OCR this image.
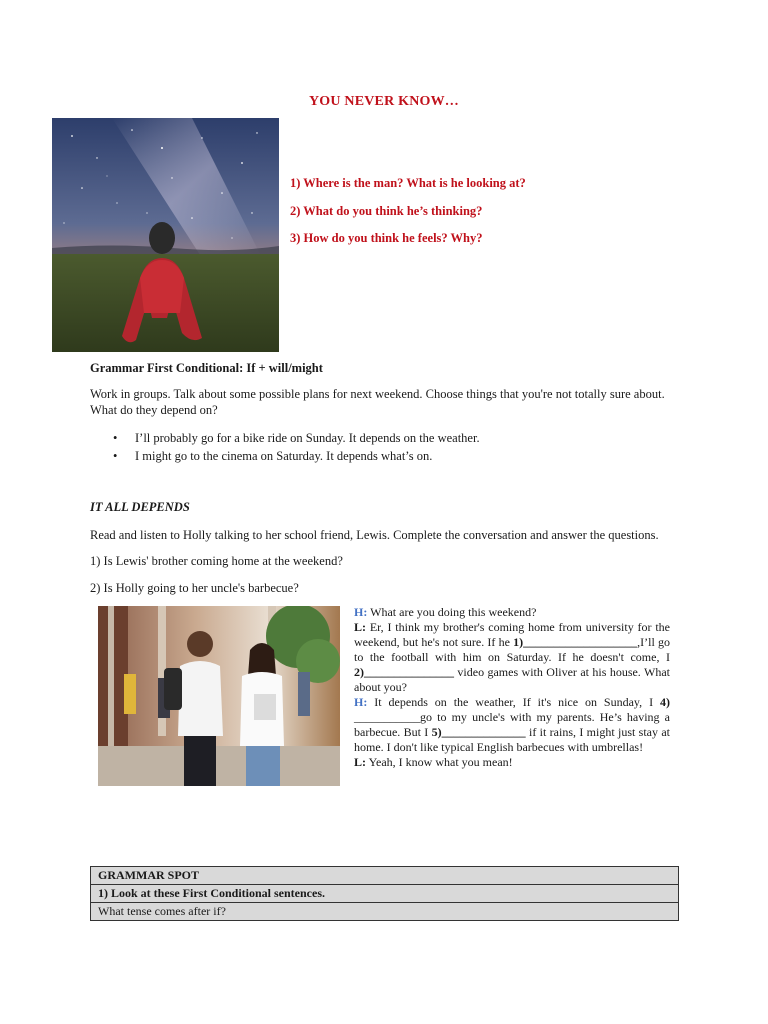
YOU NEVER KNOW…
1) Where is the man? What is he looking at?
2) What do you think he’s thinking?
3) How do you think he feels? Why?
Grammar First Conditional: If + will/might
Work in groups. Talk about some possible plans for next weekend. Choose things that you're not totally sure about. What do they depend on?
• I’ll probably go for a bike ride on Sunday. It depends on the weather.
• I might go to the cinema on Saturday. It depends what’s on.
IT ALL DEPENDS
Read and listen to Holly talking to her school friend, Lewis. Complete the conversation and answer the questions.
1) Is Lewis' brother coming home at the weekend?
2) Is Holly going to her uncle's barbecue?

H: What are you doing this weekend?

L: Er, I think my brother's coming home from university for the weekend, but he's not sure. If he 1)___________________,I’ll go to the football with him on Saturday. If he doesn't come, I 2)_______________ video games with Oliver at his house. What about you?

H: It depends on the weather, If it's nice on Sunday, I 4) ___________go to my uncle's with my parents. He’s having a barbecue. But I 5)______________ if it rains, I might just stay at home. I don't like typical English barbecues with umbrellas!

L: Yeah, I know what you mean!

GRAMMAR SPOT
1) Look at these First Conditional sentences.
What tense comes after if?
